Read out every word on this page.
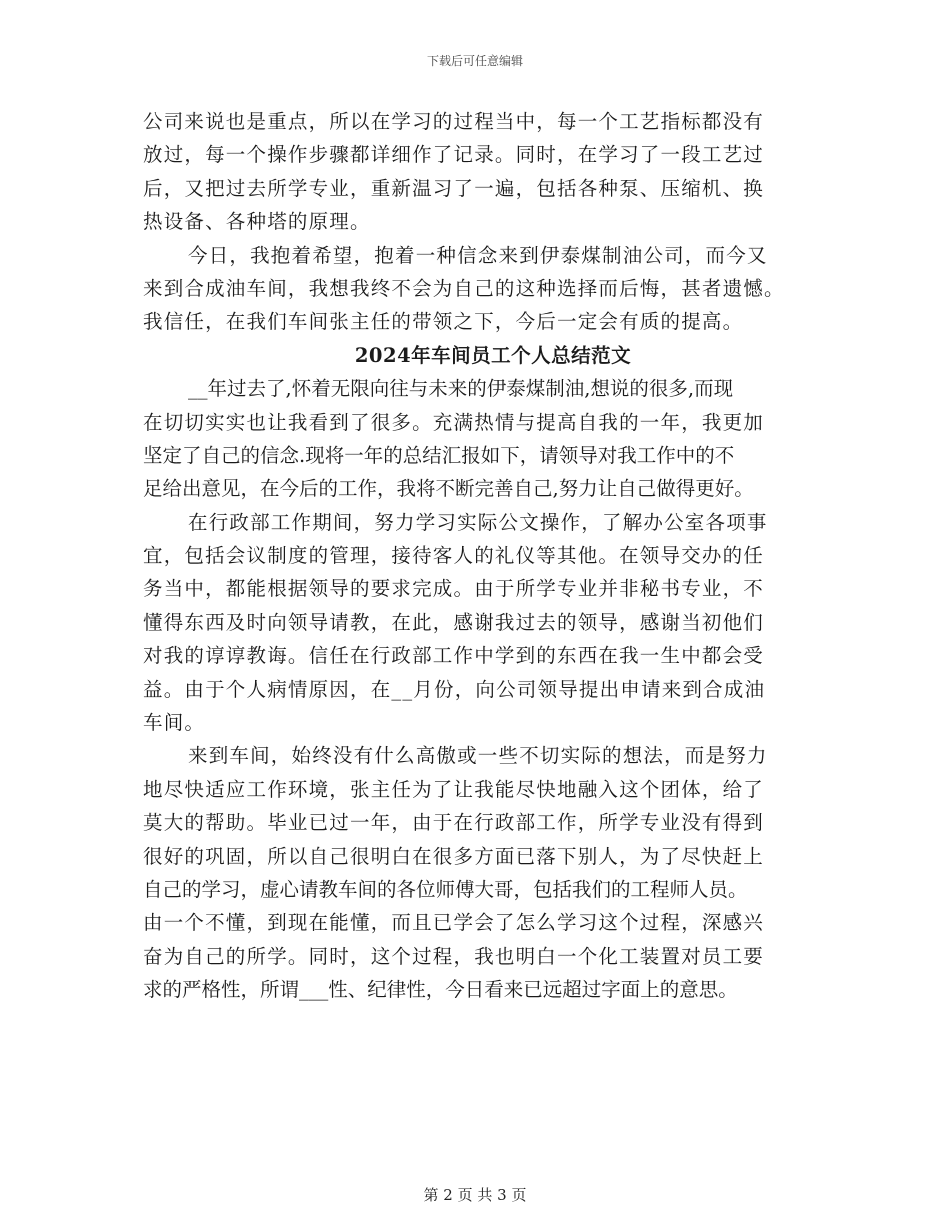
下载后可任意编辑
公司来说也是重点，所以在学习的过程当中，每一个工艺指标都没有
放过，每一个操作步骤都详细作了记录。同时，在学习了一段工艺过
后，又把过去所学专业，重新温习了一遍，包括各种泵、压缩机、换
热设备、各种塔的原理。
今日，我抱着希望，抱着一种信念来到伊泰煤制油公司，而今又
来到合成油车间，我想我终不会为自己的这种选择而后悔，甚者遗憾。
我信任，在我们车间张主任的带领之下，今后一定会有质的提高。
2024年车间员工个人总结范文
__年过去了,怀着无限向往与未来的伊泰煤制油,想说的很多,而现
在切切实实也让我看到了很多。充满热情与提高自我的一年，我更加
坚定了自己的信念.现将一年的总结汇报如下，请领导对我工作中的不
足给出意见，在今后的工作，我将不断完善自己,努力让自己做得更好。
在行政部工作期间，努力学习实际公文操作，了解办公室各项事
宜，包括会议制度的管理，接待客人的礼仪等其他。在领导交办的任
务当中，都能根据领导的要求完成。由于所学专业并非秘书专业，不
懂得东西及时向领导请教，在此，感谢我过去的领导，感谢当初他们
对我的谆谆教诲。信任在行政部工作中学到的东西在我一生中都会受
益。由于个人病情原因，在__月份，向公司领导提出申请来到合成油
车间。
来到车间，始终没有什么高傲或一些不切实际的想法，而是努力
地尽快适应工作环境，张主任为了让我能尽快地融入这个团体，给了
莫大的帮助。毕业已过一年，由于在行政部工作，所学专业没有得到
很好的巩固，所以自己很明白在很多方面已落下别人，为了尽快赶上
自己的学习，虚心请教车间的各位师傅大哥，包括我们的工程师人员。
由一个不懂，到现在能懂，而且已学会了怎么学习这个过程，深感兴
奋为自己的所学。同时，这个过程，我也明白一个化工装置对员工要
求的严格性，所谓___性、纪律性，今日看来已远超过字面上的意思。
第 2 页 共 3 页
